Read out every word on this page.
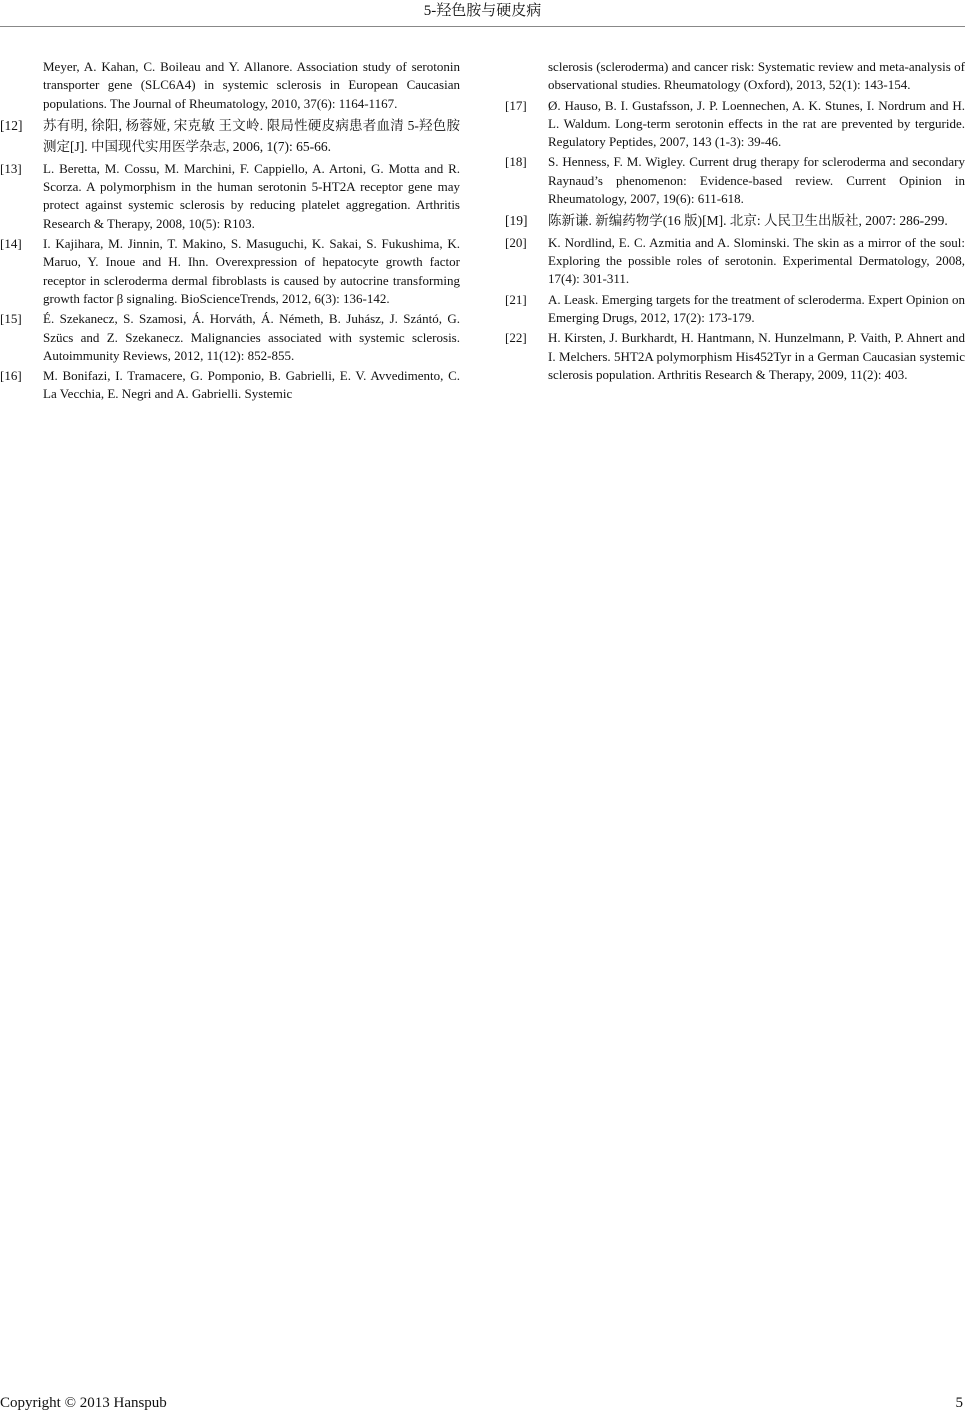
5-羟色胺与硬皮病
Meyer, A. Kahan, C. Boileau and Y. Allanore. Association study of serotonin transporter gene (SLC6A4) in systemic sclerosis in European Caucasian populations. The Journal of Rheumatology, 2010, 37(6): 1164-1167.
[12] 苏有明, 徐阳, 杨蓉娅, 宋克敏 王文岭. 限局性硬皮病患者血清 5-羟色胺测定[J]. 中国现代实用医学杂志, 2006, 1(7): 65-66.
[13] L. Beretta, M. Cossu, M. Marchini, F. Cappiello, A. Artoni, G. Motta and R. Scorza. A polymorphism in the human serotonin 5-HT2A receptor gene may protect against systemic sclerosis by reducing platelet aggregation. Arthritis Research & Therapy, 2008, 10(5): R103.
[14] I. Kajihara, M. Jinnin, T. Makino, S. Masuguchi, K. Sakai, S. Fukushima, K. Maruo, Y. Inoue and H. Ihn. Overexpression of hepatocyte growth factor receptor in scleroderma dermal fibroblasts is caused by autocrine transforming growth factor β signaling. BioScienceTrends, 2012, 6(3): 136-142.
[15] É. Szekanecz, S. Szamosi, Á. Horváth, Á. Németh, B. Juhász, J. Szántó, G. Szücs and Z. Szekanecz. Malignancies associated with systemic sclerosis. Autoimmunity Reviews, 2012, 11(12): 852-855.
[16] M. Bonifazi, I. Tramacere, G. Pomponio, B. Gabrielli, E. V. Avvedimento, C. La Vecchia, E. Negri and A. Gabrielli. Systemic
sclerosis (scleroderma) and cancer risk: Systematic review and meta-analysis of observational studies. Rheumatology (Oxford), 2013, 52(1): 143-154.
[17] Ø. Hauso, B. I. Gustafsson, J. P. Loennechen, A. K. Stunes, I. Nordrum and H. L. Waldum. Long-term serotonin effects in the rat are prevented by terguride. Regulatory Peptides, 2007, 143 (1-3): 39-46.
[18] S. Henness, F. M. Wigley. Current drug therapy for scleroderma and secondary Raynaud’s phenomenon: Evidence-based review. Current Opinion in Rheumatology, 2007, 19(6): 611-618.
[19] 陈新谦. 新编药物学(16 版)[M]. 北京: 人民卫生出版社, 2007: 286-299.
[20] K. Nordlind, E. C. Azmitia and A. Slominski. The skin as a mirror of the soul: Exploring the possible roles of serotonin. Experimental Dermatology, 2008, 17(4): 301-311.
[21] A. Leask. Emerging targets for the treatment of scleroderma. Expert Opinion on Emerging Drugs, 2012, 17(2): 173-179.
[22] H. Kirsten, J. Burkhardt, H. Hantmann, N. Hunzelmann, P. Vaith, P. Ahnert and I. Melchers. 5HT2A polymorphism His452Tyr in a German Caucasian systemic sclerosis population. Arthritis Research & Therapy, 2009, 11(2): 403.
Copyright © 2013 Hanspub	5
